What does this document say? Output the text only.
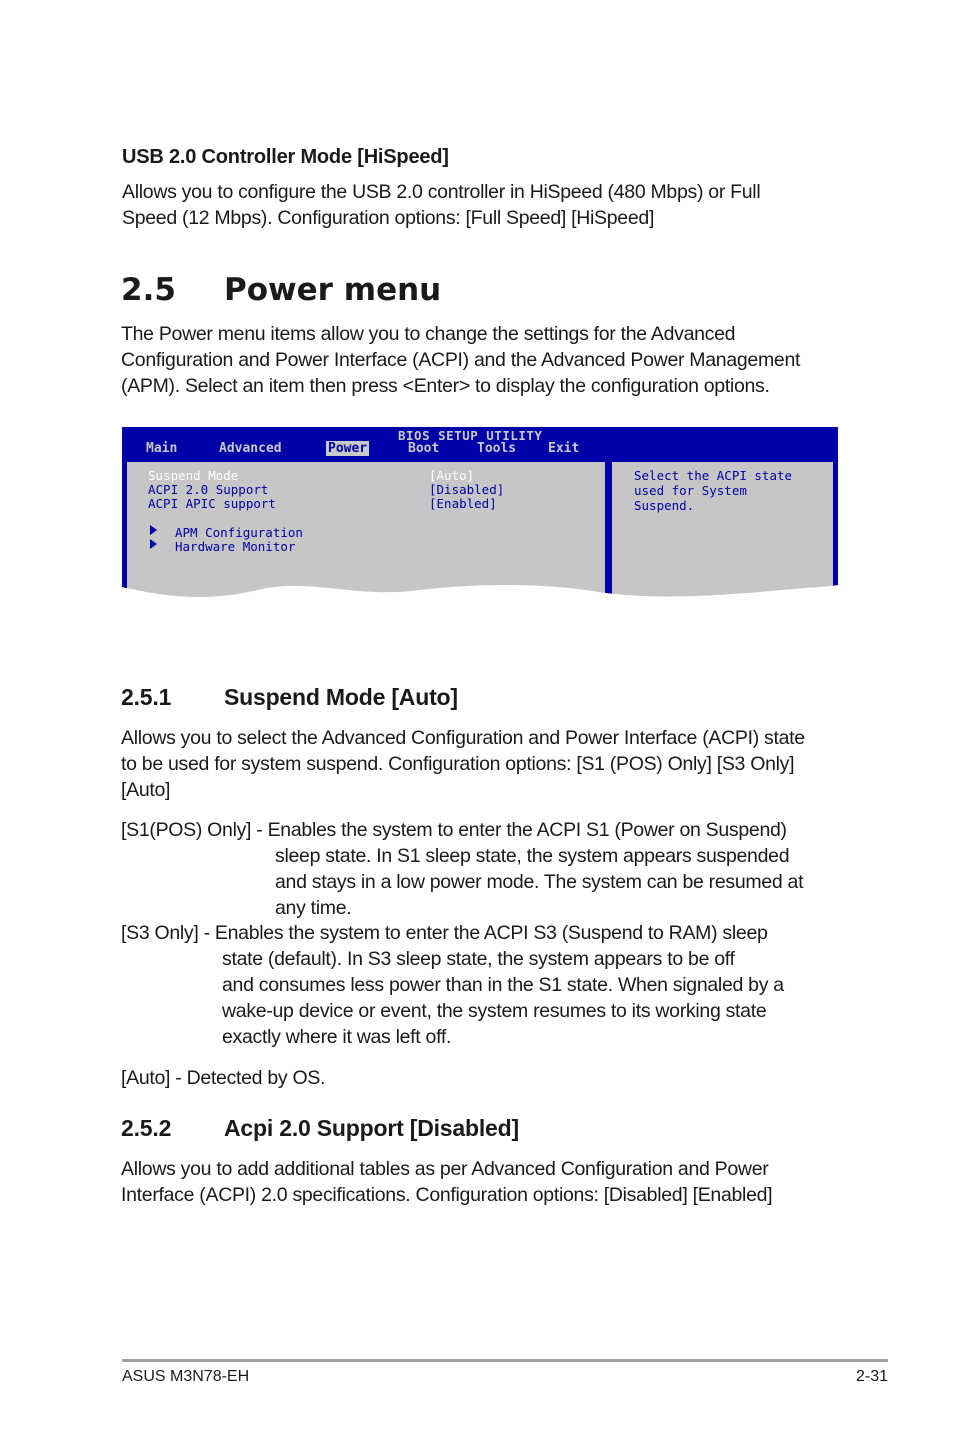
USB 2.0 Controller Mode [HiSpeed]
Allows you to configure the USB 2.0 controller in HiSpeed (480 Mbps) or Full
Speed (12 Mbps). Configuration options: [Full Speed] [HiSpeed]
2.5 Power menu
The Power menu items allow you to change the settings for the Advanced
Configuration and Power Interface (ACPI) and the Advanced Power Management
(APM). Select an item then press <Enter> to display the configuration options.
BIOS SETUP UTILITY
Main	Advanced	Power	Boot	Tools Exit
Suspend Mode	[Auto]
ACPI 2.0 Support	[Disabled]
ACPI APIC support	[Enabled]
APM Configuration
Hardware Monitor
Select the ACPI state
used for System
Suspend.
2.5.1 Suspend Mode [Auto]
Allows you to select the Advanced Configuration and Power Interface (ACPI) state
to be used for system suspend. Configuration options: [S1 (POS) Only] [S3 Only]
[Auto]
[S1(POS) Only] - Enables the system to enter the ACPI S1 (Power on Suspend)
sleep state. In S1 sleep state, the system appears suspended
and stays in a low power mode. The system can be resumed at
any time.
[S3 Only] - Enables the system to enter the ACPI S3 (Suspend to RAM) sleep
state (default). In S3 sleep state, the system appears to be off
and consumes less power than in the S1 state. When signaled by a
wake-up device or event, the system resumes to its working state
exactly where it was left off.
[Auto] - Detected by OS.
2.5.2 Acpi 2.0 Support [Disabled]
Allows you to add additional tables as per Advanced Configuration and Power
Interface (ACPI) 2.0 specifications. Configuration options: [Disabled] [Enabled]
ASUS M3N78-EH	2-31
